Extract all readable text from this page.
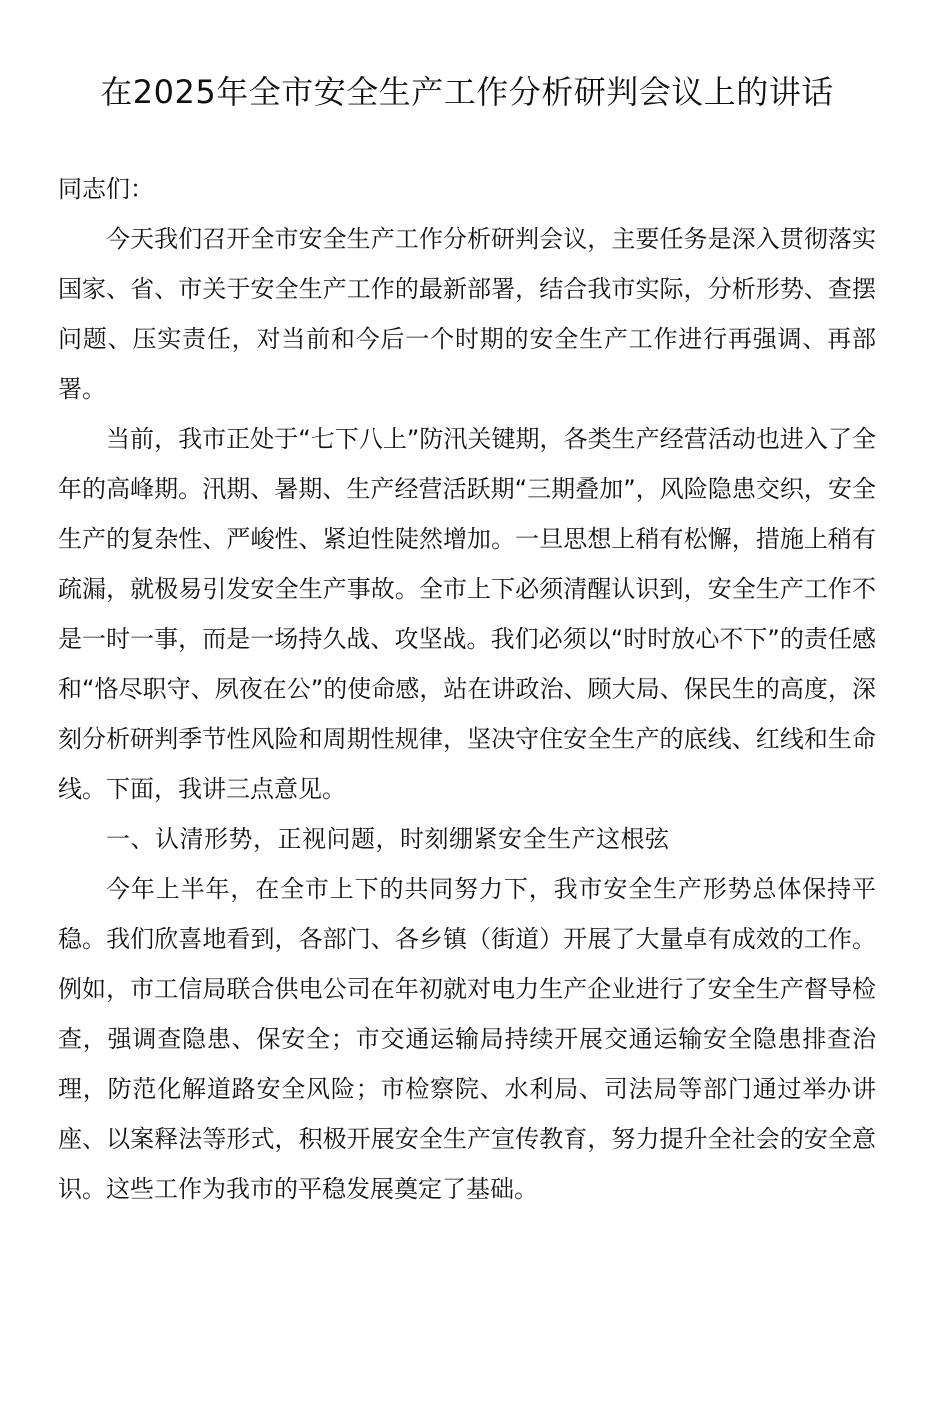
在2025年全市安全生产工作分析研判会议上的讲话

同志们：

今天我们召开全市安全生产工作分析研判会议，主要任务是深入贯彻落实国家、省、市关于安全生产工作的最新部署，结合我市实际，分析形势、查摆问题、压实责任，对当前和今后一个时期的安全生产工作进行再强调、再部署。

当前，我市正处于“七下八上”防汛关键期，各类生产经营活动也进入了全年的高峰期。汛期、暑期、生产经营活跃期“三期叠加”，风险隐患交织，安全生产的复杂性、严峻性、紧迫性陡然增加。一旦思想上稍有松懈，措施上稍有疏漏，就极易引发安全生产事故。全市上下必须清醒认识到，安全生产工作不是一时一事，而是一场持久战、攻坚战。我们必须以“时时放心不下”的责任感和“恪尽职守、夙夜在公”的使命感，站在讲政治、顾大局、保民生的高度，深刻分析研判季节性风险和周期性规律，坚决守住安全生产的底线、红线和生命线。下面，我讲三点意见。

一、认清形势，正视问题，时刻绷紧安全生产这根弦

今年上半年，在全市上下的共同努力下，我市安全生产形势总体保持平稳。我们欣喜地看到，各部门、各乡镇（街道）开展了大量卓有成效的工作。例如，市工信局联合供电公司在年初就对电力生产企业进行了安全生产督导检查，强调查隐患、保安全；市交通运输局持续开展交通运输安全隐患排查治理，防范化解道路安全风险；市检察院、水利局、司法局等部门通过举办讲座、以案释法等形式，积极开展安全生产宣传教育，努力提升全社会的安全意识。这些工作为我市的平稳发展奠定了基础。
